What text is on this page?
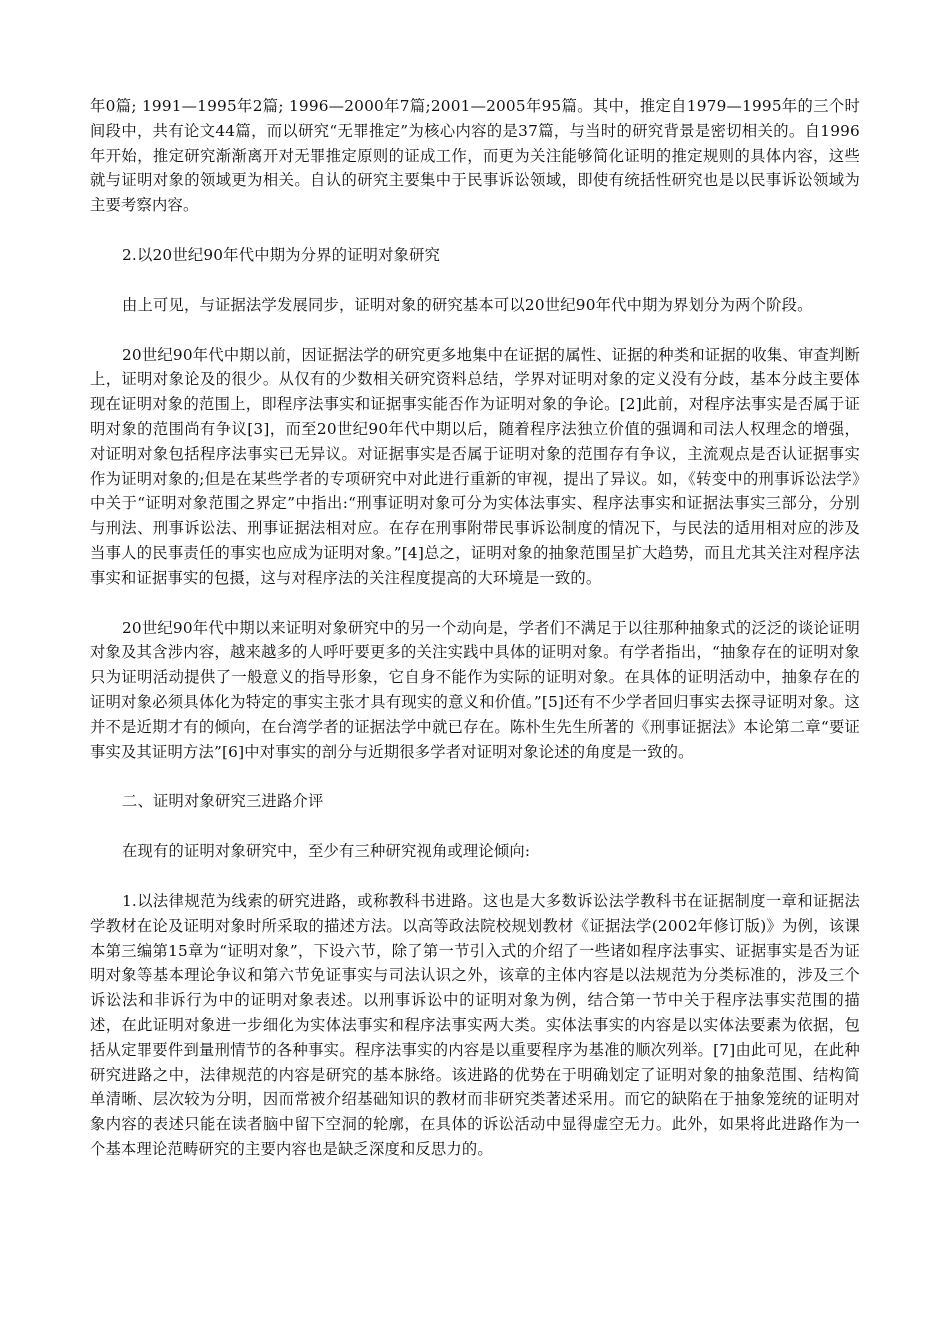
年0篇; 1991—1995年2篇; 1996—2000年7篇;2001—2005年95篇。其中，推定自1979—1995年的三个时间段中，共有论文44篇，而以研究“无罪推定”为核心内容的是37篇，与当时的研究背景是密切相关的。自1996年开始，推定研究渐渐离开对无罪推定原则的证成工作，而更为关注能够简化证明的推定规则的具体内容，这些就与证明对象的领域更为相关。自认的研究主要集中于民事诉讼领域，即使有统括性研究也是以民事诉讼领域为主要考察内容。

2.以20世纪90年代中期为分界的证明对象研究

由上可见，与证据法学发展同步，证明对象的研究基本可以20世纪90年代中期为界划分为两个阶段。

20世纪90年代中期以前，因证据法学的研究更多地集中在证据的属性、证据的种类和证据的收集、审查判断上，证明对象论及的很少。从仅有的少数相关研究资料总结，学界对证明对象的定义没有分歧，基本分歧主要体现在证明对象的范围上，即程序法事实和证据事实能否作为证明对象的争论。[2]此前，对程序法事实是否属于证明对象的范围尚有争议[3]，而至20世纪90年代中期以后，随着程序法独立价值的强调和司法人权理念的增强，对证明对象包括程序法事实已无异议。对证据事实是否属于证明对象的范围存有争议，主流观点是否认证据事实作为证明对象的;但是在某些学者的专项研究中对此进行重新的审视，提出了异议。如，《转变中的刑事诉讼法学》中关于“证明对象范围之界定”中指出:“刑事证明对象可分为实体法事实、程序法事实和证据法事实三部分，分别与刑法、刑事诉讼法、刑事证据法相对应。在存在刑事附带民事诉讼制度的情况下，与民法的适用相对应的涉及当事人的民事责任的事实也应成为证明对象。”[4]总之，证明对象的抽象范围呈扩大趋势，而且尤其关注对程序法事实和证据事实的包摄，这与对程序法的关注程度提高的大环境是一致的。

20世纪90年代中期以来证明对象研究中的另一个动向是，学者们不满足于以往那种抽象式的泛泛的谈论证明对象及其含涉内容，越来越多的人呼吁要更多的关注实践中具体的证明对象。有学者指出，“抽象存在的证明对象只为证明活动提供了一般意义的指导形象，它自身不能作为实际的证明对象。在具体的证明活动中，抽象存在的证明对象必须具体化为特定的事实主张才具有现实的意义和价值。”[5]还有不少学者回归事实去探寻证明对象。这并不是近期才有的倾向，在台湾学者的证据法学中就已存在。陈朴生先生所著的《刑事证据法》本论第二章“要证事实及其证明方法”[6]中对事实的剖分与近期很多学者对证明对象论述的角度是一致的。

二、证明对象研究三进路介评

在现有的证明对象研究中，至少有三种研究视角或理论倾向:

1.以法律规范为线索的研究进路，或称教科书进路。这也是大多数诉讼法学教科书在证据制度一章和证据法学教材在论及证明对象时所采取的描述方法。以高等政法院校规划教材《证据法学(2002年修订版)》为例，该课本第三编第15章为“证明对象”，下设六节，除了第一节引入式的介绍了一些诸如程序法事实、证据事实是否为证明对象等基本理论争议和第六节免证事实与司法认识之外，该章的主体内容是以法规范为分类标准的，涉及三个诉讼法和非诉行为中的证明对象表述。以刑事诉讼中的证明对象为例，结合第一节中关于程序法事实范围的描述，在此证明对象进一步细化为实体法事实和程序法事实两大类。实体法事实的内容是以实体法要素为依据，包括从定罪要件到量刑情节的各种事实。程序法事实的内容是以重要程序为基准的顺次列举。[7]由此可见，在此种研究进路之中，法律规范的内容是研究的基本脉络。该进路的优势在于明确划定了证明对象的抽象范围、结构简单清晰、层次较为分明，因而常被介绍基础知识的教材而非研究类著述采用。而它的缺陷在于抽象笼统的证明对象内容的表述只能在读者脑中留下空洞的轮廓，在具体的诉讼活动中显得虚空无力。此外，如果将此进路作为一个基本理论范畴研究的主要内容也是缺乏深度和反思力的。
